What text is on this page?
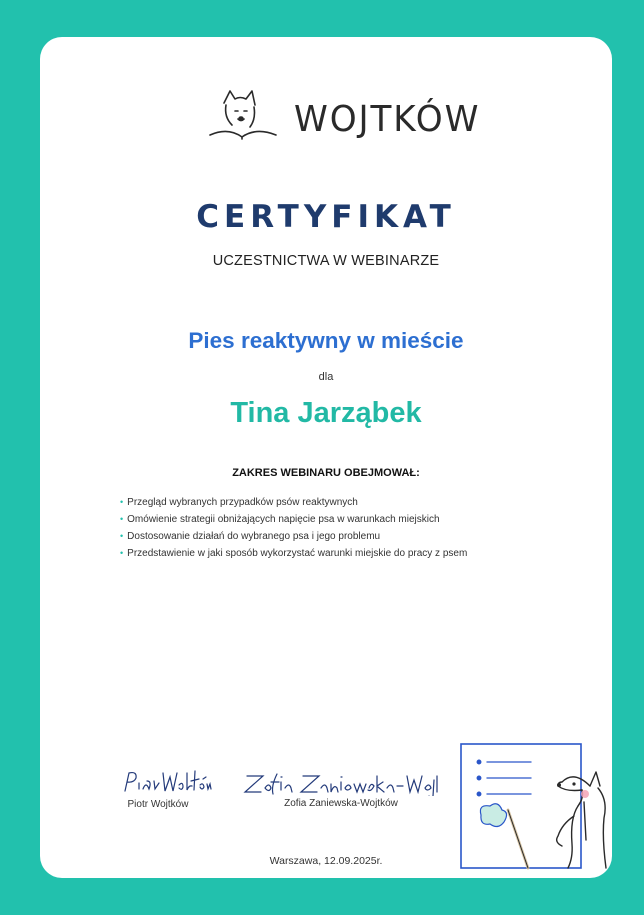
WOJTKÓW
CERTYFIKAT
UCZESTNICTWA W WEBINARZE
Pies reaktywny w mieście
dla
Tina Jarząbek
ZAKRES WEBINARU OBEJMOWAŁ:
• Przegląd wybranych przypadków psów reaktywnych
• Omówienie strategii obniżających napięcie psa w warunkach miejskich
• Dostosowanie działań do wybranego psa i jego problemu
• Przedstawienie w jaki sposób wykorzystać warunki miejskie do pracy z psem
Piotr Wojtków	Zofia Zaniewska-Wojtków
Warszawa, 12.09.2025r.
